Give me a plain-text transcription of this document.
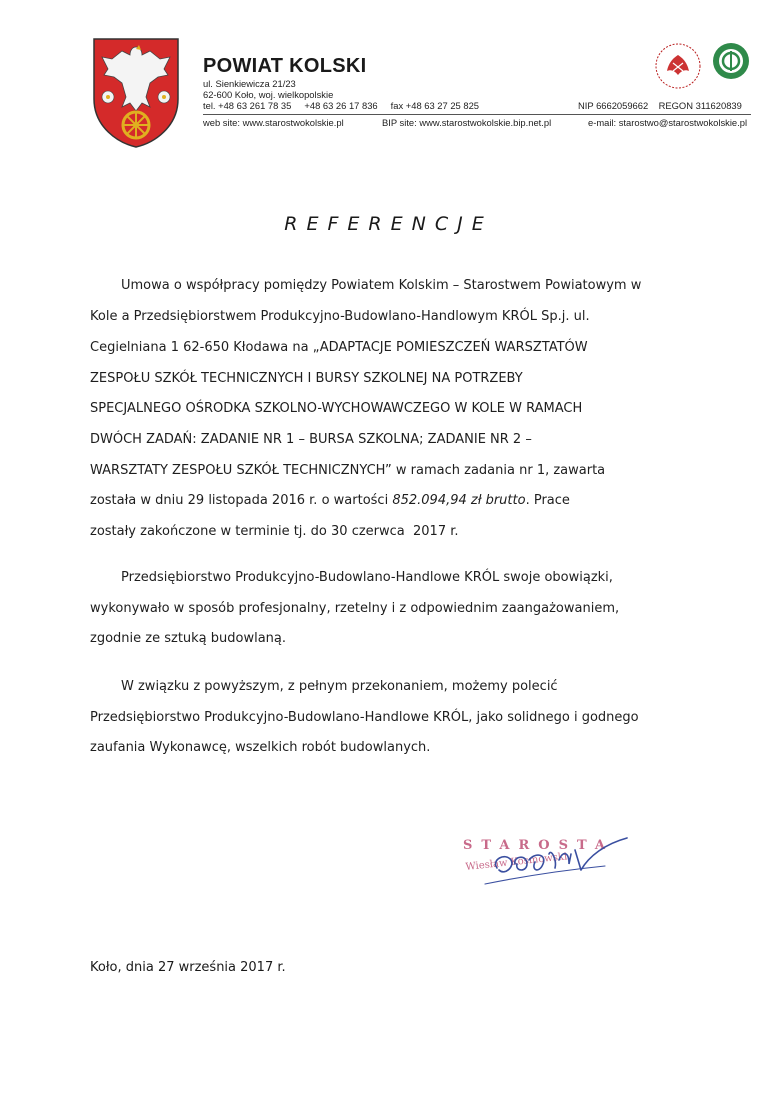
POWIAT KOLSKI
ul. Sienkiewicza 21/23
62-600 Koło, woj. wielkopolskie
tel. +48 63 261 78 35     +48 63 26 17 836     fax +48 63 27 25 825	NIP 6662059662    REGON 311620839
web site: www.starostwokolskie.pl	BIP site: www.starostwokolskie.bip.net.pl	e-mail: starostwo@starostwokolskie.pl
REFERENCJE
Umowa o współpracy pomiędzy Powiatem Kolskim – Starostwem Powiatowym w
Kole a Przedsiębiorstwem Produkcyjno-Budowlano-Handlowym KRÓL Sp.j. ul.
Cegielniana 1 62-650 Kłodawa na „ADAPTACJE POMIESZCZEŃ WARSZTATÓW
ZESPOŁU SZKÓŁ TECHNICZNYCH I BURSY SZKOLNEJ NA POTRZEBY
SPECJALNEGO OŚRODKA SZKOLNO-WYCHOWAWCZEGO W KOLE W RAMACH
DWÓCH ZADAŃ: ZADANIE NR 1 – BURSA SZKOLNA; ZADANIE NR 2 –
WARSZTATY ZESPOŁU SZKÓŁ TECHNICZNYCH” w ramach zadania nr 1, zawarta
została w dniu 29 listopada 2016 r. o wartości 852.094,94 zł brutto. Prace
zostały zakończone w terminie tj. do 30 czerwca  2017 r.
Przedsiębiorstwo Produkcyjno-Budowlano-Handlowe KRÓL swoje obowiązki,
wykonywało w sposób profesjonalny, rzetelny i z odpowiednim zaangażowaniem,
zgodnie ze sztuką budowlaną.
W związku z powyższym, z pełnym przekonaniem, możemy polecić
Przedsiębiorstwo Produkcyjno-Budowlano-Handlowe KRÓL, jako solidnego i godnego
zaufania Wykonawcę, wszelkich robót budowlanych.
STAROSTA
Wiesław Kosmowski
Koło, dnia 27 września 2017 r.
